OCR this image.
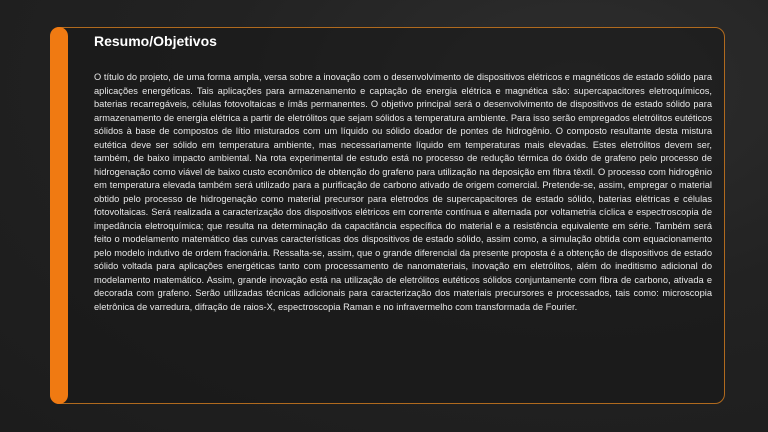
Resumo/Objetivos

O título do projeto, de uma forma ampla, versa sobre a inovação com o desenvolvimento de dispositivos elétricos e magnéticos de estado sólido para aplicações energéticas. Tais aplicações para armazenamento e captação de energia elétrica e magnética são: supercapacitores eletroquímicos, baterias recarregáveis, células fotovoltaicas e ímãs permanentes. O objetivo principal será o desenvolvimento de dispositivos de estado sólido para armazenamento de energia elétrica a partir de eletrólitos que sejam sólidos a temperatura ambiente. Para isso serão empregados eletrólitos eutéticos sólidos à base de compostos de lítio misturados com um líquido ou sólido doador de pontes de hidrogênio. O composto resultante desta mistura eutética deve ser sólido em temperatura ambiente, mas necessariamente líquido em temperaturas mais elevadas. Estes eletrólitos devem ser, também, de baixo impacto ambiental. Na rota experimental de estudo está no processo de redução térmica do óxido de grafeno pelo processo de hidrogenação como viável de baixo custo econômico de obtenção do grafeno para utilização na deposição em fibra têxtil. O processo com hidrogênio em temperatura elevada também será utilizado para a purificação de carbono ativado de origem comercial. Pretende-se, assim, empregar o material obtido pelo processo de hidrogenação como material precursor para eletrodos de supercapacitores de estado sólido, baterias elétricas e células fotovoltaicas. Será realizada a caracterização dos dispositivos elétricos em corrente contínua e alternada por voltametria cíclica e espectroscopia de impedância eletroquímica; que resulta na determinação da capacitância específica do material e a resistência equivalente em série. Também será feito o modelamento matemático das curvas características dos dispositivos de estado sólido, assim como, a simulação obtida com equacionamento pelo modelo indutivo de ordem fracionária. Ressalta-se, assim, que o grande diferencial da presente proposta é a obtenção de dispositivos de estado sólido voltada para aplicações energéticas tanto com processamento de nanomateriais, inovação em eletrólitos, além do ineditismo adicional do modelamento matemático. Assim, grande inovação está na utilização de eletrólitos eutéticos sólidos conjuntamente com fibra de carbono, ativada e decorada com grafeno. Serão utilizadas técnicas adicionais para caracterização dos materiais precursores e processados, tais como: microscopia eletrônica de varredura, difração de raios-X, espectroscopia Raman e no infravermelho com transformada de Fourier.
